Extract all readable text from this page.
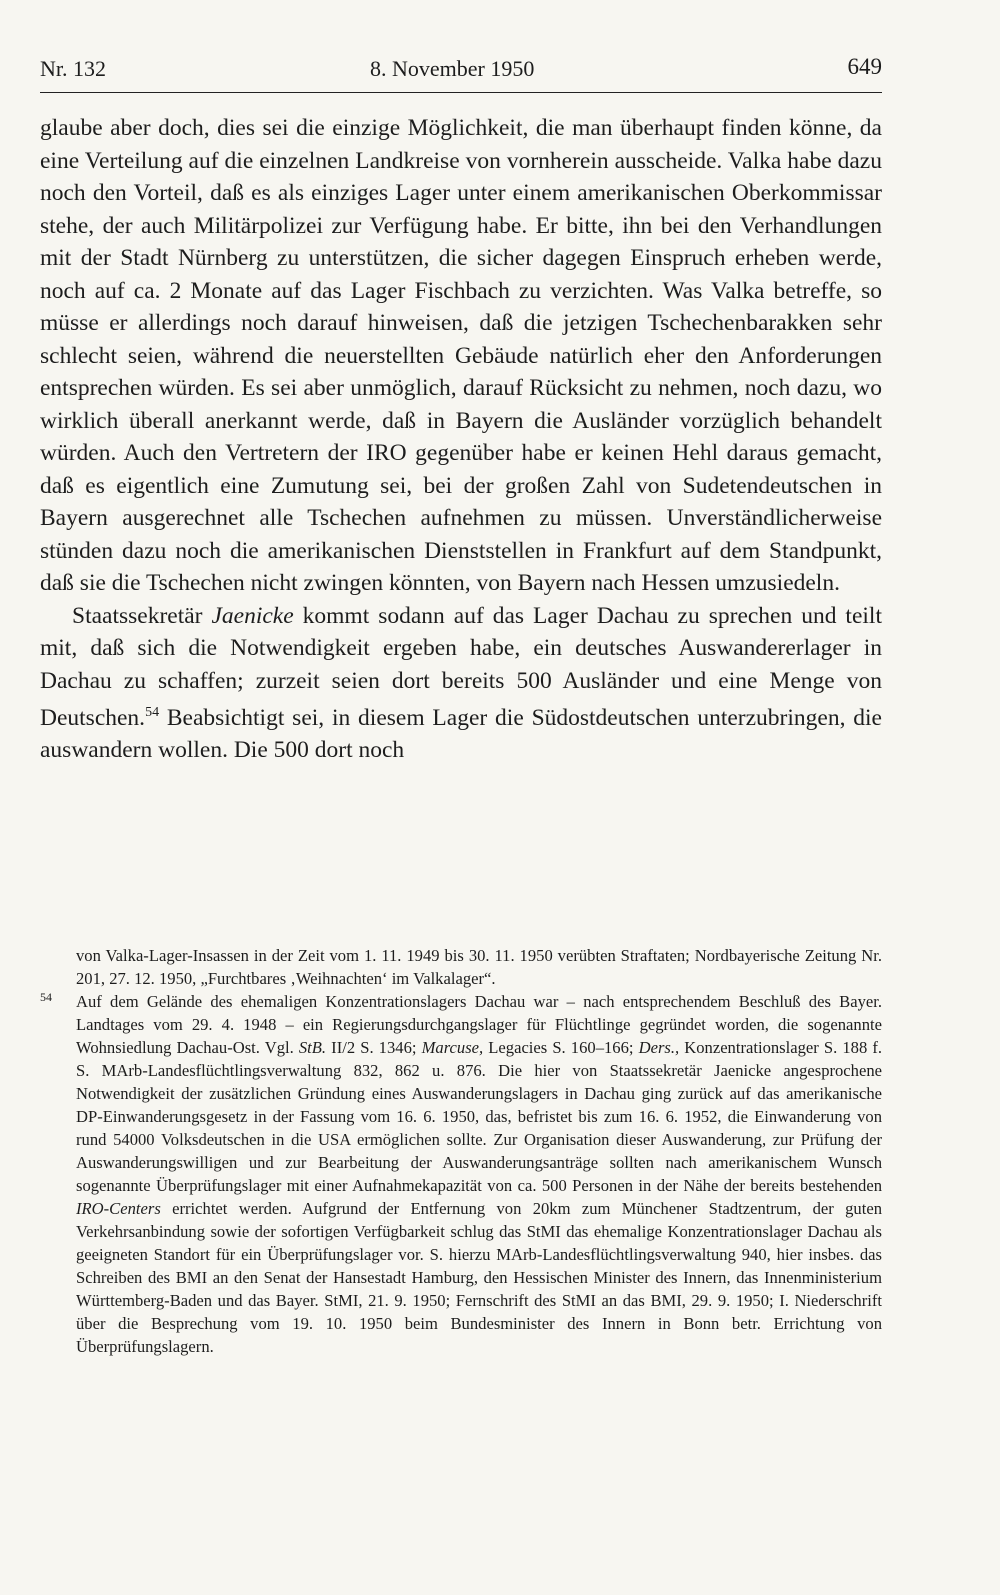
Nr. 132	8. November 1950	649

glaube aber doch, dies sei die einzige Möglichkeit, die man überhaupt finden könne, da eine Verteilung auf die einzelnen Landkreise von vornherein ausscheide. Valka habe dazu noch den Vorteil, daß es als einziges Lager unter einem amerikanischen Oberkommissar stehe, der auch Militärpolizei zur Verfügung habe. Er bitte, ihn bei den Verhandlungen mit der Stadt Nürnberg zu unterstützen, die sicher dagegen Einspruch erheben werde, noch auf ca. 2 Monate auf das Lager Fischbach zu verzichten. Was Valka betreffe, so müsse er allerdings noch darauf hinweisen, daß die jetzigen Tschechenbarakken sehr schlecht seien, während die neuerstellten Gebäude natürlich eher den Anforderungen entsprechen würden. Es sei aber unmöglich, darauf Rücksicht zu nehmen, noch dazu, wo wirklich überall anerkannt werde, daß in Bayern die Ausländer vorzüglich behandelt würden. Auch den Vertretern der IRO gegenüber habe er keinen Hehl daraus gemacht, daß es eigentlich eine Zumutung sei, bei der großen Zahl von Sudetendeutschen in Bayern ausgerechnet alle Tschechen aufnehmen zu müssen. Unverständlicherweise stünden dazu noch die amerikanischen Dienststellen in Frankfurt auf dem Standpunkt, daß sie die Tschechen nicht zwingen könnten, von Bayern nach Hessen umzusiedeln.

Staatssekretär Jaenicke kommt sodann auf das Lager Dachau zu sprechen und teilt mit, daß sich die Notwendigkeit ergeben habe, ein deutsches Auswandererlager in Dachau zu schaffen; zurzeit seien dort bereits 500 Ausländer und eine Menge von Deutschen.$^{54}$ Beabsichtigt sei, in diesem Lager die Südostdeutschen unterzubringen, die auswandern wollen. Die 500 dort noch

von Valka-Lager-Insassen in der Zeit vom 1. 11. 1949 bis 30. 11. 1950 verübten Straftaten; Nordbayerische Zeitung Nr. 201, 27. 12. 1950, „Furchtbares ‚Weihnachten‘ im Valkalager“.
54 Auf dem Gelände des ehemaligen Konzentrationslagers Dachau war – nach entsprechendem Beschluß des Bayer. Landtages vom 29. 4. 1948 – ein Regierungsdurchgangslager für Flüchtlinge gegründet worden, die sogenannte Wohnsiedlung Dachau-Ost. Vgl. StB. II/2 S. 1346; Marcuse, Legacies S. 160–166; Ders., Konzentrationslager S. 188 f. S. MArb-Landesflüchtlingsverwaltung 832, 862 u. 876. Die hier von Staatssekretär Jaenicke angesprochene Notwendigkeit der zusätzlichen Gründung eines Auswanderungslagers in Dachau ging zurück auf das amerikanische DP-Einwanderungsgesetz in der Fassung vom 16. 6. 1950, das, befristet bis zum 16. 6. 1952, die Einwanderung von rund 54000 Volksdeutschen in die USA ermöglichen sollte. Zur Organisation dieser Auswanderung, zur Prüfung der Auswanderungswilligen und zur Bearbeitung der Auswanderungsanträge sollten nach amerikanischem Wunsch sogenannte Überprüfungslager mit einer Aufnahmekapazität von ca. 500 Personen in der Nähe der bereits bestehenden IRO-Centers errichtet werden. Aufgrund der Entfernung von 20km zum Münchener Stadtzentrum, der guten Verkehrsanbindung sowie der sofortigen Verfügbarkeit schlug das StMI das ehemalige Konzentrationslager Dachau als geeigneten Standort für ein Überprüfungslager vor. S. hierzu MArb-Landesflüchtlingsverwaltung 940, hier insbes. das Schreiben des BMI an den Senat der Hansestadt Hamburg, den Hessischen Minister des Innern, das Innenministerium Württemberg-Baden und das Bayer. StMI, 21. 9. 1950; Fernschrift des StMI an das BMI, 29. 9. 1950; I. Niederschrift über die Besprechung vom 19. 10. 1950 beim Bundesminister des Innern in Bonn betr. Errichtung von Überprüfungslagern.
